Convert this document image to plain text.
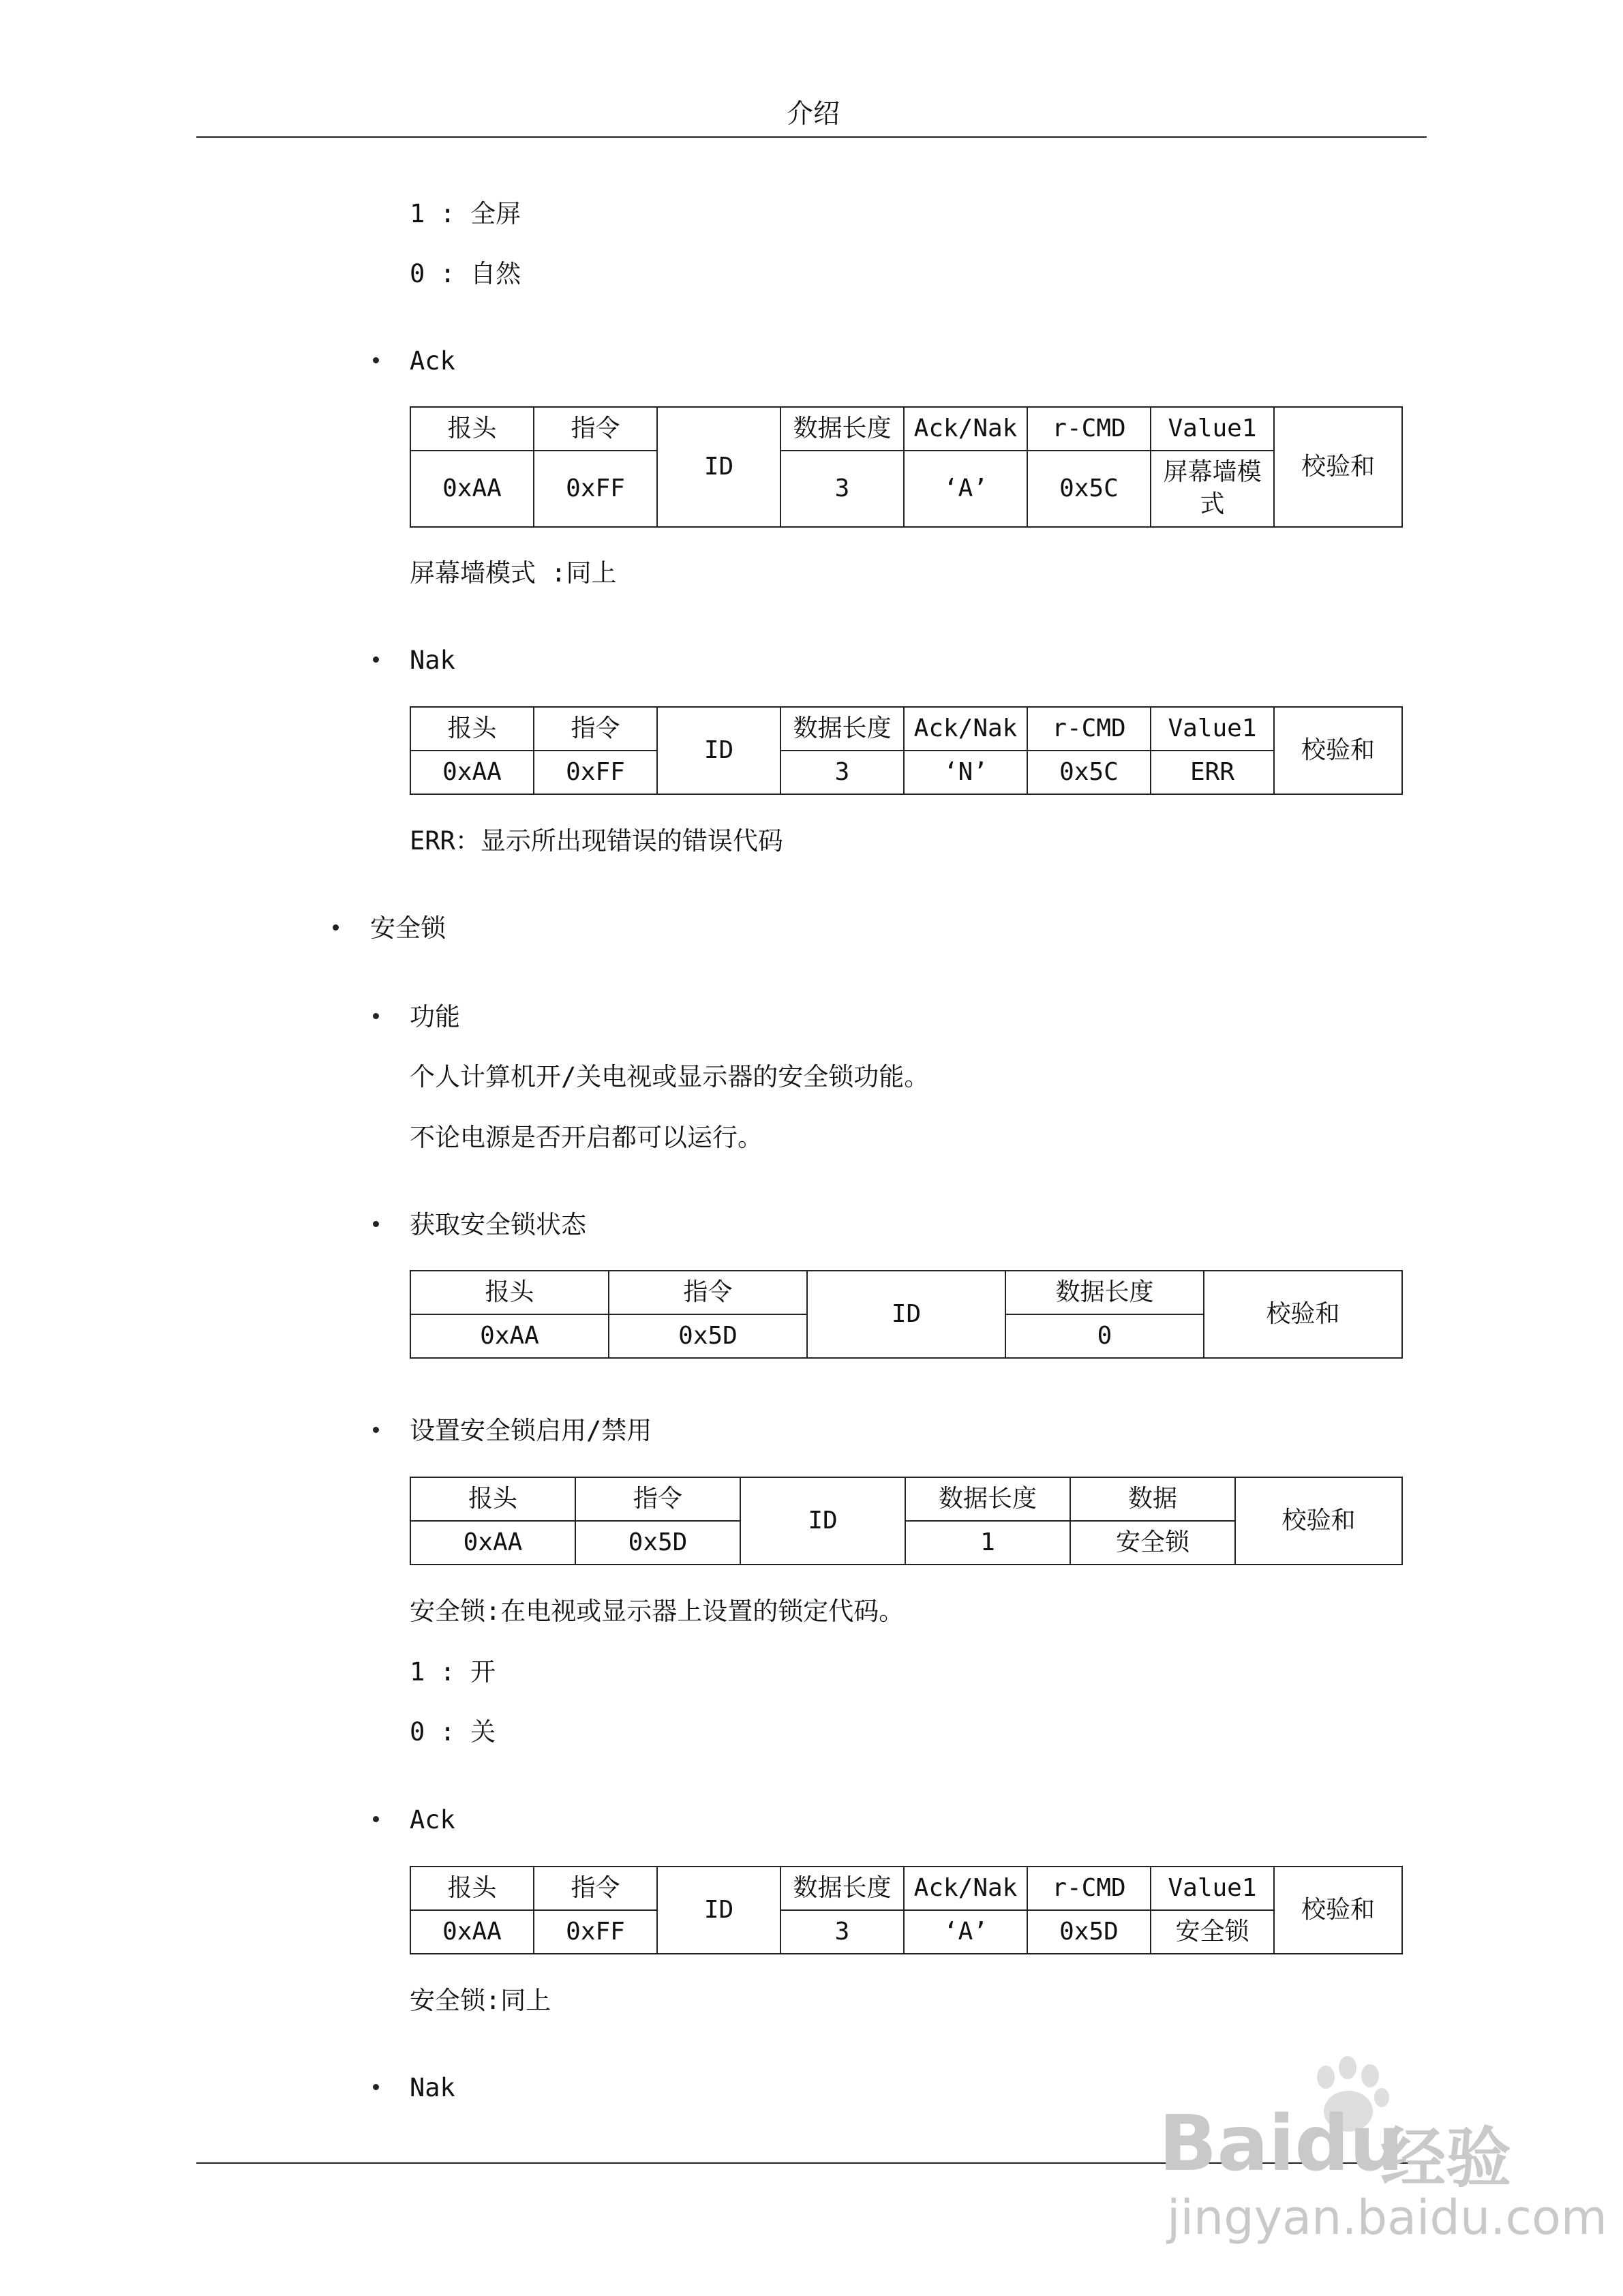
介绍
1 : 全屏
0 : 自然
Ack
报头	指令	ID	数据长度	Ack/Nak	r-CMD	Value1	校验和
0xAA	0xFF		3	‘A’	0x5C	屏幕墙模式	
屏幕墙模式 :同上
Nak
报头	指令	ID	数据长度	Ack/Nak	r-CMD	Value1	校验和
0xAA	0xFF		3	‘N’	0x5C	ERR	
ERR：显示所出现错误的错误代码
安全锁
功能
个人计算机开/关电视或显示器的安全锁功能。
不论电源是否开启都可以运行。
获取安全锁状态
报头	指令	ID	数据长度	校验和
0xAA	0x5D		0	
设置安全锁启用/禁用
报头	指令	ID	数据长度	数据	校验和
0xAA	0x5D		1	安全锁	
安全锁:在电视或显示器上设置的锁定代码。
1 : 开
0 : 关
Ack
报头	指令	ID	数据长度	Ack/Nak	r-CMD	Value1	校验和
0xAA	0xFF		3	‘A’	0x5D	安全锁	
安全锁:同上
Nak
Baidu
经验
jingyan.baidu.com
